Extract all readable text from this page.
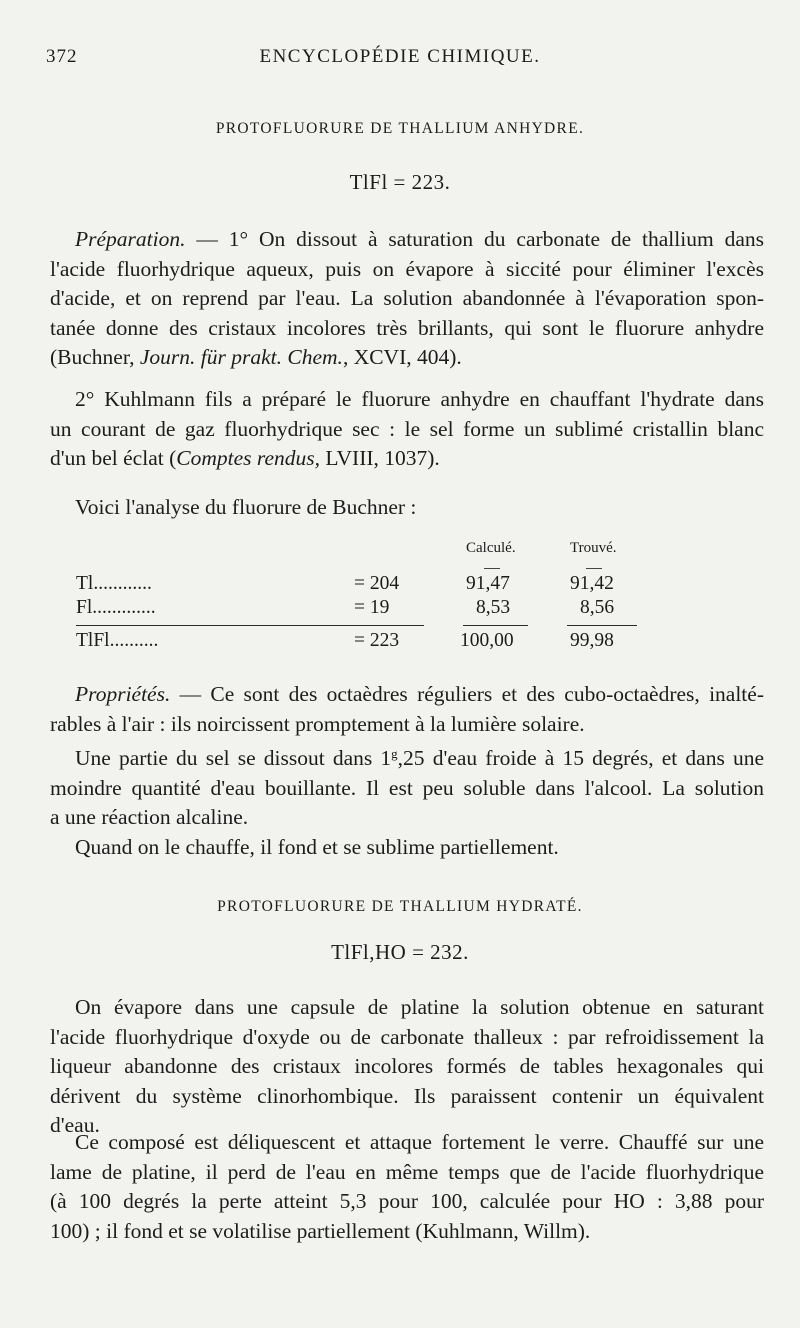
372	ENCYCLOPÉDIE CHIMIQUE.
PROTOFLUORURE DE THALLIUM ANHYDRE.
TlFl = 223.
Préparation. — 1° On dissout à saturation du carbonate de thallium dans
l'acide fluorhydrique aqueux, puis on évapore à siccité pour éliminer l'excès
d'acide, et on reprend par l'eau. La solution abandonnée à l'évaporation spon-
tanée donne des cristaux incolores très brillants, qui sont le fluorure anhydre
(Buchner, Journ. für prakt. Chem., XCVI, 404).
2° Kuhlmann fils a préparé le fluorure anhydre en chauffant l'hydrate dans
un courant de gaz fluorhydrique sec : le sel forme un sublimé cristallin blanc
d'un bel éclat (Comptes rendus, LVIII, 1037).
Voici l'analyse du fluorure de Buchner :
Calculé.	Trouvé.
Tl............	= 204	91,47	91,42
Fl.............	= 19	8,53	8,56
TlFl..........	= 223	100,00	99,98
Propriétés. — Ce sont des octaèdres réguliers et des cubo-octaèdres, inalté-
rables à l'air : ils noircissent promptement à la lumière solaire.
Une partie du sel se dissout dans 1$^g$,25 d'eau froide à 15 degrés, et dans une
moindre quantité d'eau bouillante. Il est peu soluble dans l'alcool. La solution
a une réaction alcaline.
Quand on le chauffe, il fond et se sublime partiellement.
PROTOFLUORURE DE THALLIUM HYDRATÉ.
TlFl,HO = 232.
On évapore dans une capsule de platine la solution obtenue en saturant
l'acide fluorhydrique d'oxyde ou de carbonate thalleux : par refroidissement la
liqueur abandonne des cristaux incolores formés de tables hexagonales qui
dérivent du système clinorhombique. Ils paraissent contenir un équivalent
d'eau.
Ce composé est déliquescent et attaque fortement le verre. Chauffé sur une
lame de platine, il perd de l'eau en même temps que de l'acide fluorhydrique
(à 100 degrés la perte atteint 5,3 pour 100, calculée pour HO : 3,88 pour
100) ; il fond et se volatilise partiellement (Kuhlmann, Willm).
